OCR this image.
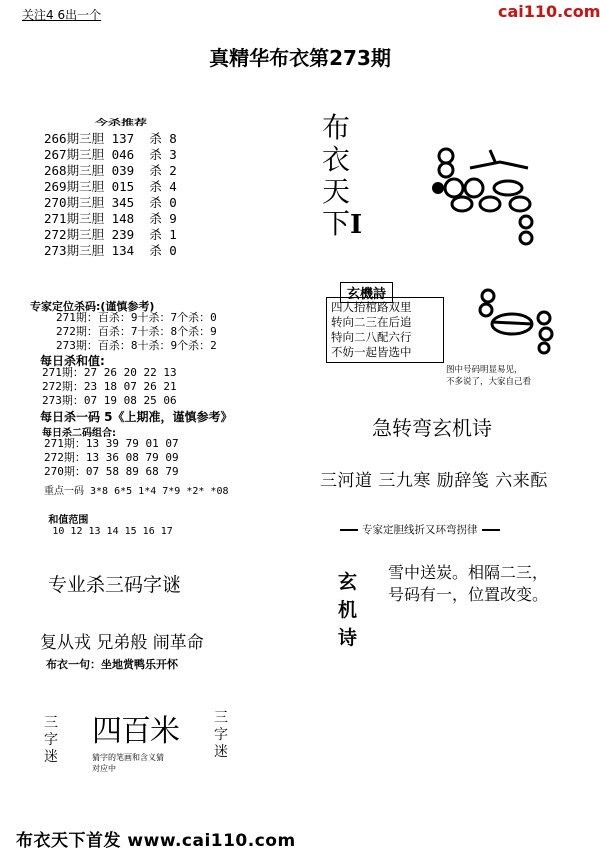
关注4 6出一个	cai110.com
真精华布衣第273期
今杀推荐
266期三胆 137  杀 8
267期三胆 046  杀 3
268期三胆 039  杀 2
269期三胆 015  杀 4
270期三胆 345  杀 0
271期三胆 148  杀 9
272期三胆 239  杀 1
273期三胆 134  杀 0
布
衣
天
下I
专家定位杀码:(谨慎参考)
271期：百杀：9十杀：7个杀：0
272期：百杀：7十杀：8个杀：9
273期：百杀：8十杀：9个杀：2
每日杀和值:
271期：27 26 20 22 13
272期：23 18 07 26 21
273期：07 19 08 25 06
每日杀一码 5《上期准，谨慎参考》
每日杀二码组合:
271期：13 39 79 01 07
272期：13 36 08 79 09
270期：07 58 89 68 79
重点一码 3*8 6*5 1*4 7*9 *2* *08

和值范围
10 12 13 14 15 16 17

玄機詩
四人抬棺路双里
转向二三在后追
特向二八配六行
不妨一起皆选中
图中号码明显易见，
不多说了，大家自己看
急转弯玄机诗
三河道 三九寒 励辞笺 六来酝
专家定胆线折又环弯拐律
玄
机
诗
雪中送炭。相隔二三，
号码有一，位置改变。
专业杀三码字谜
复从戎 兄弟般 闹革命
布衣一句：坐地赏鸭乐开怀
三
字
迷
四百米	三
字
迷
猜字的笔画和含义猜
对应中
布衣天下首发 www.cai110.com
